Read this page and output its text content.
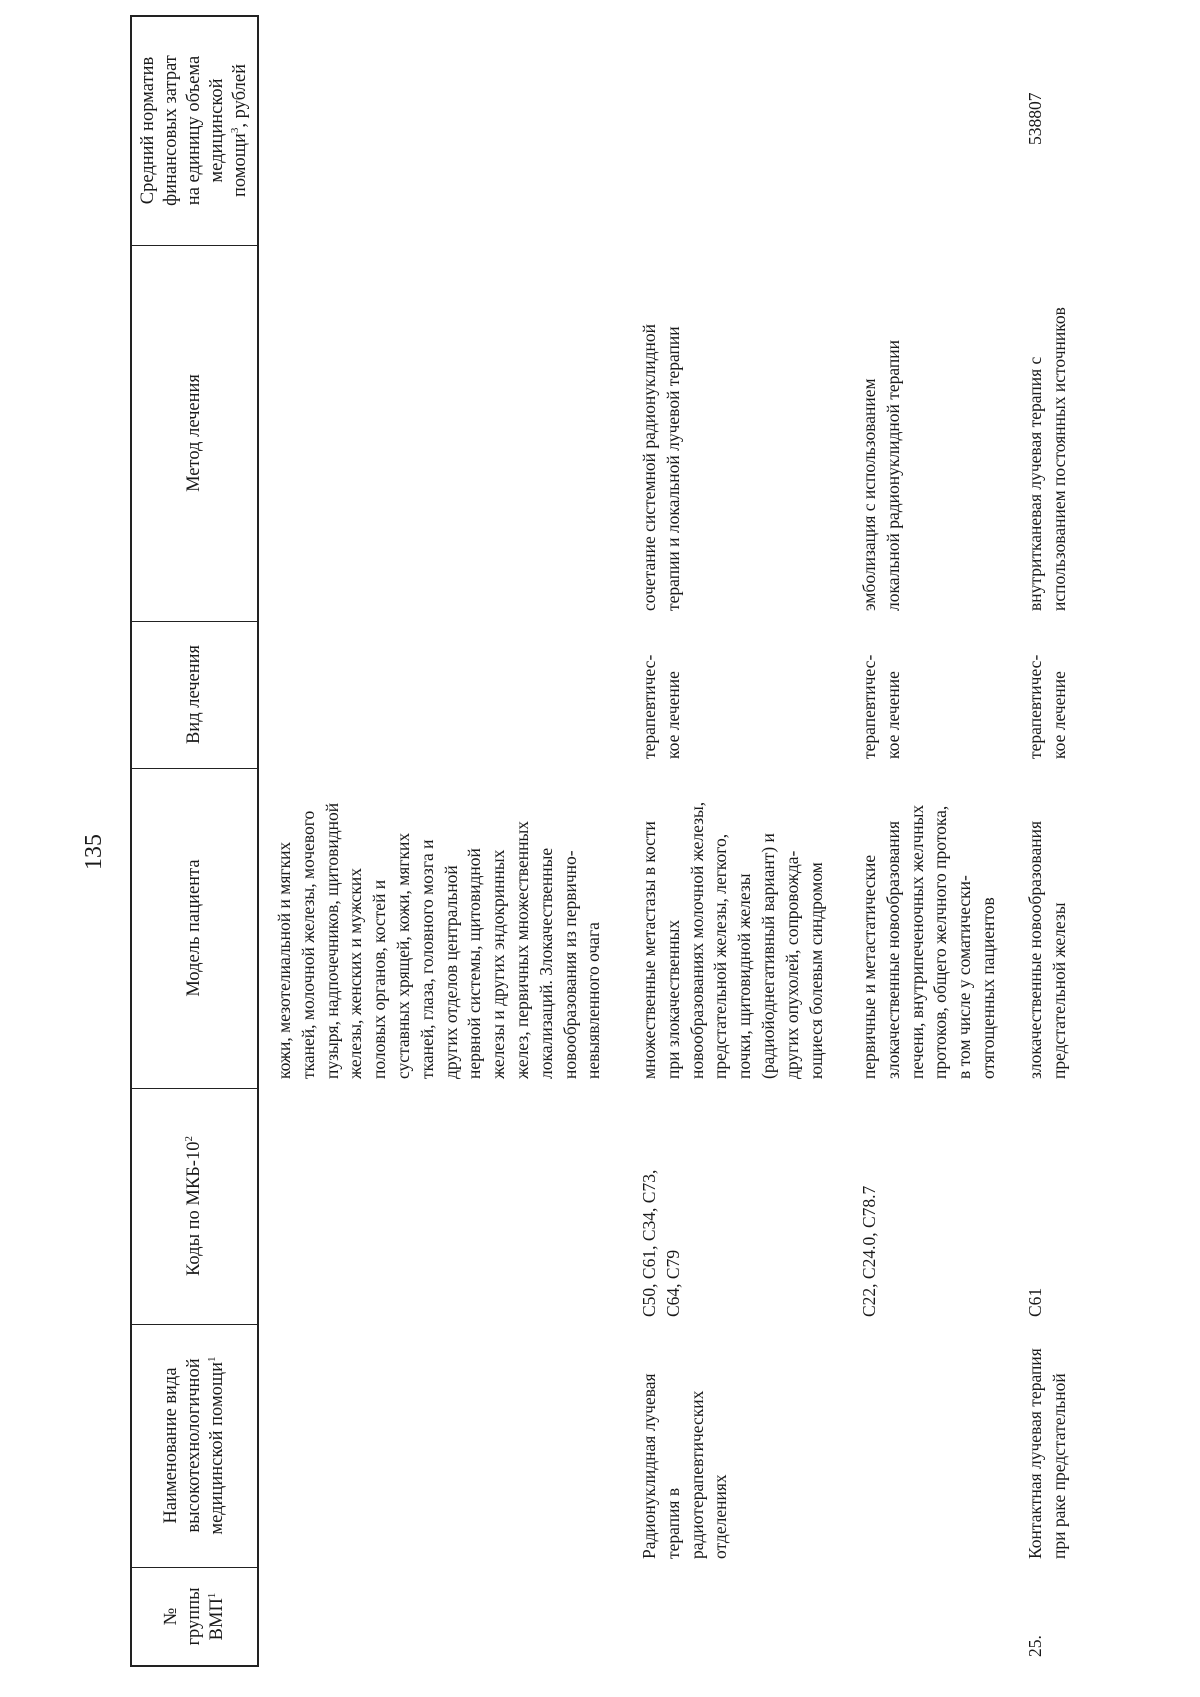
135
№
группы
ВМП$^1$
Наименование вида
высокотехнологичной
медицинской помощи$^1$
Коды по МКБ-$10^2$
Модель пациента
Вид лечения
Метод лечения
Средний норматив
финансовых затрат
на единицу объема
медицинской
помощи$^3$, рублей
кожи, мезотелиальной и мягких
тканей, молочной железы, мочевого
пузыря, надпочечников, щитовидной
железы, женских и мужских
половых органов, костей и
суставных хрящей, кожи, мягких
тканей, глаза, головного мозга и
других отделов центральной
нервной системы, щитовидной
железы и других эндокринных
желез, первичных множественных
локализаций. Злокачественные
новообразования из первично-
невыявленного очага
Радионуклидная лучевая
терапия в
радиотерапевтических
отделениях
C50, C61, C34, C73,
C64, C79
множественные метастазы в кости
при злокачественных
новообразованиях молочной железы,
предстательной железы, легкого,
почки, щитовидной железы
(радиойоднегативный вариант) и
других опухолей, сопровожда-
ющиеся болевым синдромом
терапевтичес-
кое лечение
сочетание системной радионуклидной
терапии и локальной лучевой терапии
C22, C24.0, C78.7
первичные и метастатические
злокачественные новообразования
печени, внутрипеченочных желчных
протоков, общего желчного протока,
в том числе у соматически-
отягощенных пациентов
терапевтичес-
кое лечение
эмболизация с использованием
локальной радионуклидной терапии
25.
Контактная лучевая терапия
при раке предстательной
C61
злокачественные новообразования
предстательной железы
терапевтичес-
кое лечение
внутритканевая лучевая терапия с
использованием постоянных источников
538807
